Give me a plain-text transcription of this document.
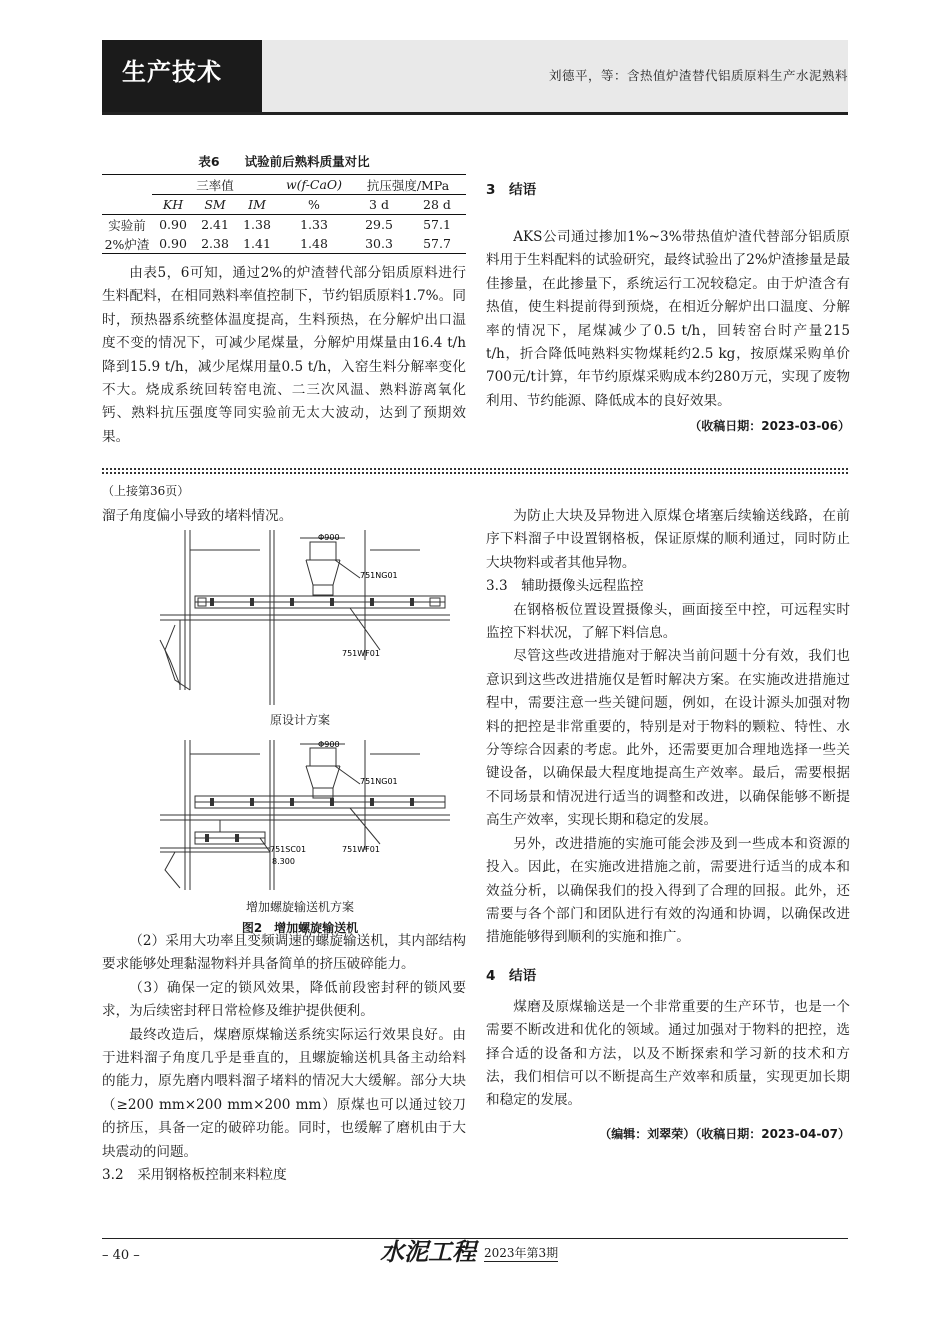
生产技术	刘德平，等：含热值炉渣替代铝质原料生产水泥熟料
表6　　试验前后熟料质量对比
	三率值			w(f-CaO)	抗压强度/MPa	
	KH	SM	IM	%	3 d	28 d
实验前	0.90	2.41	1.38	1.33	29.5	57.1
2%炉渣	0.90	2.38	1.41	1.48	30.3	57.7

由表5，6可知，通过2%的炉渣替代部分铝质原料进行生料配料，在相同熟料率值控制下，节约铝质原料1.7%。同时，预热器系统整体温度提高，生料预热，在分解炉出口温度不变的情况下，可减少尾煤量，分解炉用煤量由16.4 t/h降到15.9 t/h，减少尾煤用量0.5 t/h，入窑生料分解率变化不大。烧成系统回转窑电流、二三次风温、熟料游离氧化钙、熟料抗压强度等同实验前无太大波动，达到了预期效果。

3　结语

AKS公司通过掺加1%~3%带热值炉渣代替部分铝质原料用于生料配料的试验研究，最终试验出了2%炉渣掺量是最佳掺量，在此掺量下，系统运行工况较稳定。由于炉渣含有热值，使生料提前得到预烧，在相近分解炉出口温度、分解率的情况下，尾煤减少了0.5 t/h，回转窑台时产量215 t/h，折合降低吨熟料实物煤耗约2.5 kg，按原煤采购单价700元/t计算，年节约原煤采购成本约280万元，实现了废物利用、节约能源、降低成本的良好效果。

（收稿日期：2023-03-06）
（上接第36页）

溜子角度偏小导致的堵料情况。

Φ900
751NG01
751WF01
原设计方案
Φ900
751NG01
751SC01
8.300
751WF01
增加螺旋输送机方案
图2　增加螺旋输送机

（2）采用大功率且变频调速的螺旋输送机，其内部结构要求能够处理黏湿物料并具备简单的挤压破碎能力。

（3）确保一定的锁风效果，降低前段密封秤的锁风要求，为后续密封秤日常检修及维护提供便利。

最终改造后，煤磨原煤输送系统实际运行效果良好。由于进料溜子角度几乎是垂直的，且螺旋输送机具备主动给料的能力，原先磨内喂料溜子堵料的情况大大缓解。部分大块（≥200 mm×200 mm×200 mm）原煤也可以通过铰刀的挤压，具备一定的破碎功能。同时，也缓解了磨机由于大块震动的问题。

3.2　采用钢格板控制来料粒度

为防止大块及异物进入原煤仓堵塞后续输送线路，在前序下料溜子中设置钢格板，保证原煤的顺利通过，同时防止大块物料或者其他异物。

3.3　辅助摄像头远程监控

在钢格板位置设置摄像头，画面接至中控，可远程实时监控下料状况，了解下料信息。

尽管这些改进措施对于解决当前问题十分有效，我们也意识到这些改进措施仅是暂时解决方案。在实施改进措施过程中，需要注意一些关键问题，例如，在设计源头加强对物料的把控是非常重要的，特别是对于物料的颗粒、特性、水分等综合因素的考虑。此外，还需要更加合理地选择一些关键设备，以确保最大程度地提高生产效率。最后，需要根据不同场景和情况进行适当的调整和改进，以确保能够不断提高生产效率，实现长期和稳定的发展。

另外，改进措施的实施可能会涉及到一些成本和资源的投入。因此，在实施改进措施之前，需要进行适当的成本和效益分析，以确保我们的投入得到了合理的回报。此外，还需要与各个部门和团队进行有效的沟通和协调，以确保改进措施能够得到顺利的实施和推广。

4　结语

煤磨及原煤输送是一个非常重要的生产环节，也是一个需要不断改进和优化的领域。通过加强对于物料的把控，选择合适的设备和方法，以及不断探索和学习新的技术和方法，我们相信可以不断提高生产效率和质量，实现更加长期和稳定的发展。

（编辑：刘翠荣）（收稿日期：2023-04-07）
– 40 –	水泥工程 2023年第3期
